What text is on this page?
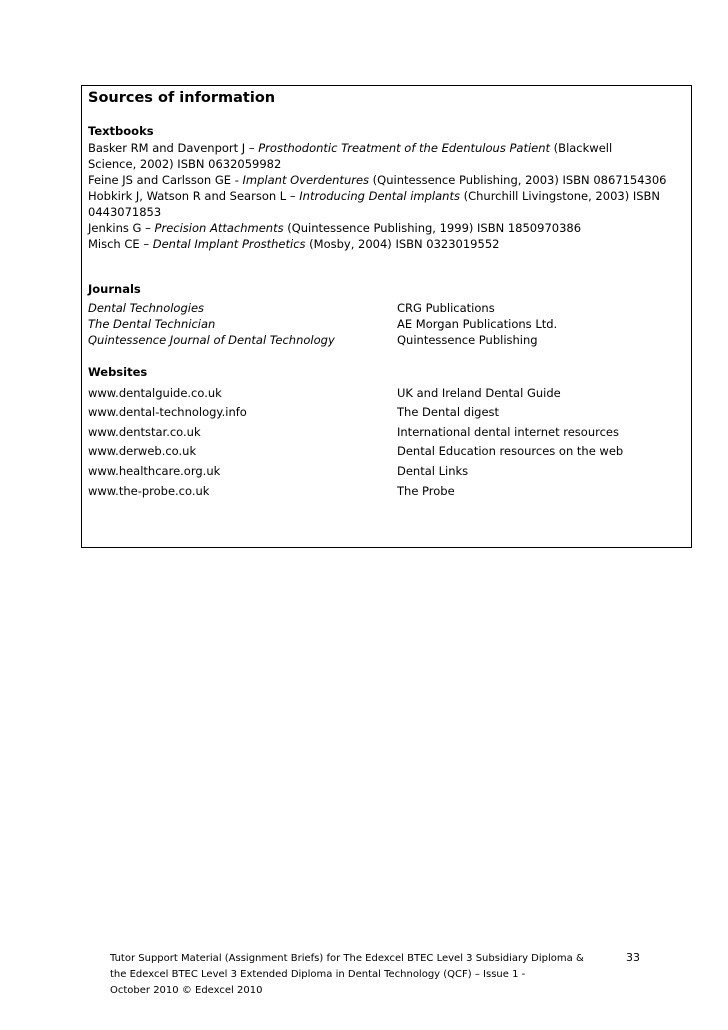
Sources of information
Textbooks
Basker RM and Davenport J – Prosthodontic Treatment of the Edentulous Patient (Blackwell
Science, 2002) ISBN 0632059982
Feine JS and Carlsson GE - Implant Overdentures (Quintessence Publishing, 2003) ISBN 0867154306
Hobkirk J, Watson R and Searson L – Introducing Dental implants (Churchill Livingstone, 2003) ISBN
0443071853
Jenkins G – Precision Attachments (Quintessence Publishing, 1999) ISBN 1850970386
Misch CE – Dental Implant Prosthetics (Mosby, 2004) ISBN 0323019552
Journals
Dental Technologies	CRG Publications
The Dental Technician	AE Morgan Publications Ltd.
Quintessence Journal of Dental Technology	Quintessence Publishing
Websites
www.dentalguide.co.uk	UK and Ireland Dental Guide
www.dental-technology.info	The Dental digest
www.dentstar.co.uk	International dental internet resources
www.derweb.co.uk	Dental Education resources on the web
www.healthcare.org.uk	Dental Links
www.the-probe.co.uk	The Probe
Tutor Support Material (Assignment Briefs) for The Edexcel BTEC Level 3 Subsidiary Diploma &
the Edexcel BTEC Level 3 Extended Diploma in Dental Technology (QCF) – Issue 1 -
October 2010 © Edexcel 2010
33
